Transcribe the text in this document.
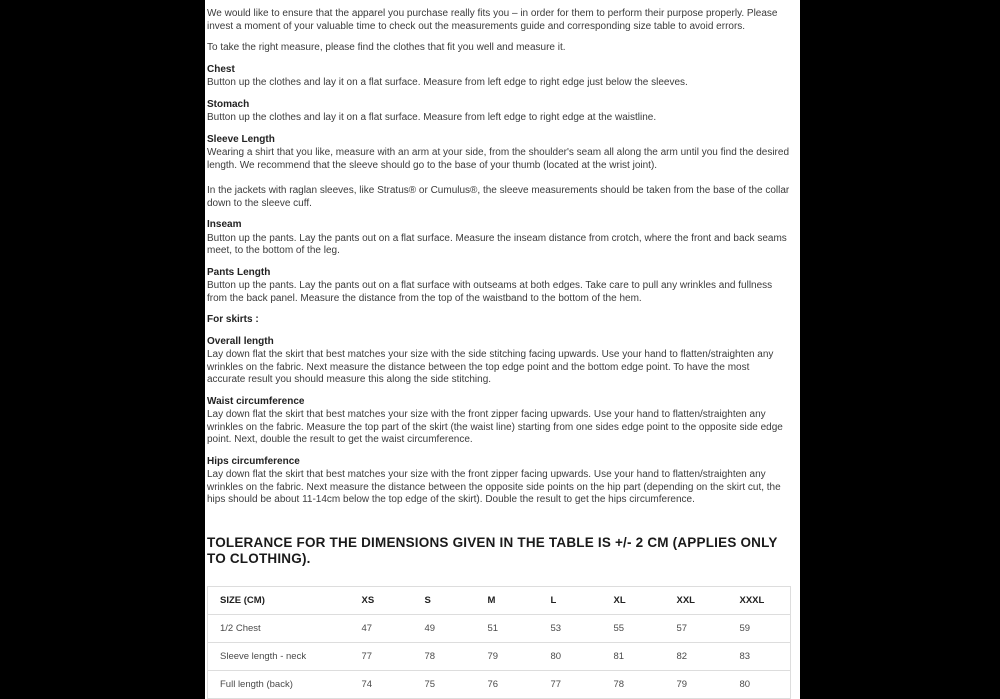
We would like to ensure that the apparel you purchase really fits you – in order for them to perform their purpose properly. Please invest a moment of your valuable time to check out the measurements guide and corresponding size table to avoid errors.

To take the right measure, please find the clothes that fit you well and measure it.

Chest

Button up the clothes and lay it on a flat surface. Measure from left edge to right edge just below the sleeves.

Stomach

Button up the clothes and lay it on a flat surface. Measure from left edge to right edge at the waistline.

Sleeve Length

Wearing a shirt that you like, measure with an arm at your side, from the shoulder's seam all along the arm until you find the desired length. We recommend that the sleeve should go to the base of your thumb (located at the wrist joint).

In the jackets with raglan sleeves, like Stratus® or Cumulus®, the sleeve measurements should be taken from the base of the collar down to the sleeve cuff.

Inseam

Button up the pants. Lay the pants out on a flat surface. Measure the inseam distance from crotch, where the front and back seams meet, to the bottom of the leg.

Pants Length

Button up the pants. Lay the pants out on a flat surface with outseams at both edges. Take care to pull any wrinkles and fullness from the back panel. Measure the distance from the top of the waistband to the bottom of the hem.

For skirts :
Overall length

Lay down flat the skirt that best matches your size with the side stitching facing upwards. Use your hand to flatten/straighten any wrinkles on the fabric. Next measure the distance between the top edge point and the bottom edge point. To have the most accurate result you should measure this along the side stitching.

Waist circumference

Lay down flat the skirt that best matches your size with the front zipper facing upwards. Use your hand to flatten/straighten any wrinkles on the fabric. Measure the top part of the skirt (the waist line) starting from one sides edge point to the opposite side edge point. Next, double the result to get the waist circumference.

Hips circumference

Lay down flat the skirt that best matches your size with the front zipper facing upwards. Use your hand to flatten/straighten any wrinkles on the fabric. Next measure the distance between the opposite side points on the hip part (depending on the skirt cut, the hips should be about 11-14cm below the top edge of the skirt). Double the result to get the hips circumference.

TOLERANCE FOR THE DIMENSIONS GIVEN IN THE TABLE IS +/- 2 CM (APPLIES ONLY TO CLOTHING).
SIZE (CM)	XS	S	M	L	XL	XXL	XXXL
1/2 Chest	47	49	51	53	55	57	59
Sleeve length - neck	77	78	79	80	81	82	83
Full length (back)	74	75	76	77	78	79	80
